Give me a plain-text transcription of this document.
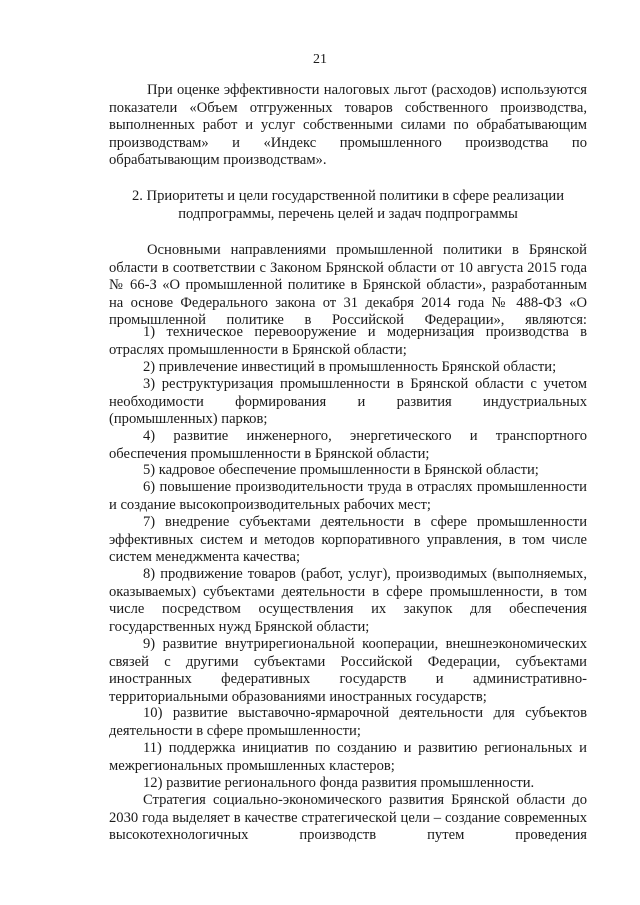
21
При оценке эффективности налоговых льгот (расходов) используются показатели «Объем отгруженных товаров собственного производства, выполненных работ и услуг собственными силами по обрабатывающим производствам» и «Индекс промышленного производства по обрабатывающим производствам».
2. Приоритеты и цели государственной политики в сфере реализации подпрограммы, перечень целей и задач подпрограммы
Основными направлениями промышленной политики в Брянской области в соответствии с Законом Брянской области от 10 августа 2015 года № 66-З «О промышленной политике в Брянской области», разработанным на основе Федерального закона от 31 декабря 2014 года № 488-ФЗ «О промышленной политике в Российской Федерации», являются:
1) техническое перевооружение и модернизация производства в отраслях промышленности в Брянской области;
2) привлечение инвестиций в промышленность Брянской области;
3) реструктуризация промышленности в Брянской области с учетом необходимости формирования и развития индустриальных (промышленных) парков;
4) развитие инженерного, энергетического и транспортного обеспечения промышленности в Брянской области;
5) кадровое обеспечение промышленности в Брянской области;
6) повышение производительности труда в отраслях промышленности и создание высокопроизводительных рабочих мест;
7) внедрение субъектами деятельности в сфере промышленности эффективных систем и методов корпоративного управления, в том числе систем менеджмента качества;
8) продвижение товаров (работ, услуг), производимых (выполняемых, оказываемых) субъектами деятельности в сфере промышленности, в том числе посредством осуществления их закупок для обеспечения государственных нужд Брянской области;
9) развитие внутрирегиональной кооперации, внешнеэкономических связей с другими субъектами Российской Федерации, субъектами иностранных федеративных государств и административно-территориальными образованиями иностранных государств;
10) развитие выставочно-ярмарочной деятельности для субъектов деятельности в сфере промышленности;
11) поддержка инициатив по созданию и развитию региональных и межрегиональных промышленных кластеров;
12) развитие регионального фонда развития промышленности.
Стратегия социально-экономического развития Брянской области до 2030 года выделяет в качестве стратегической цели – создание современных высокотехнологичных производств путем проведения
